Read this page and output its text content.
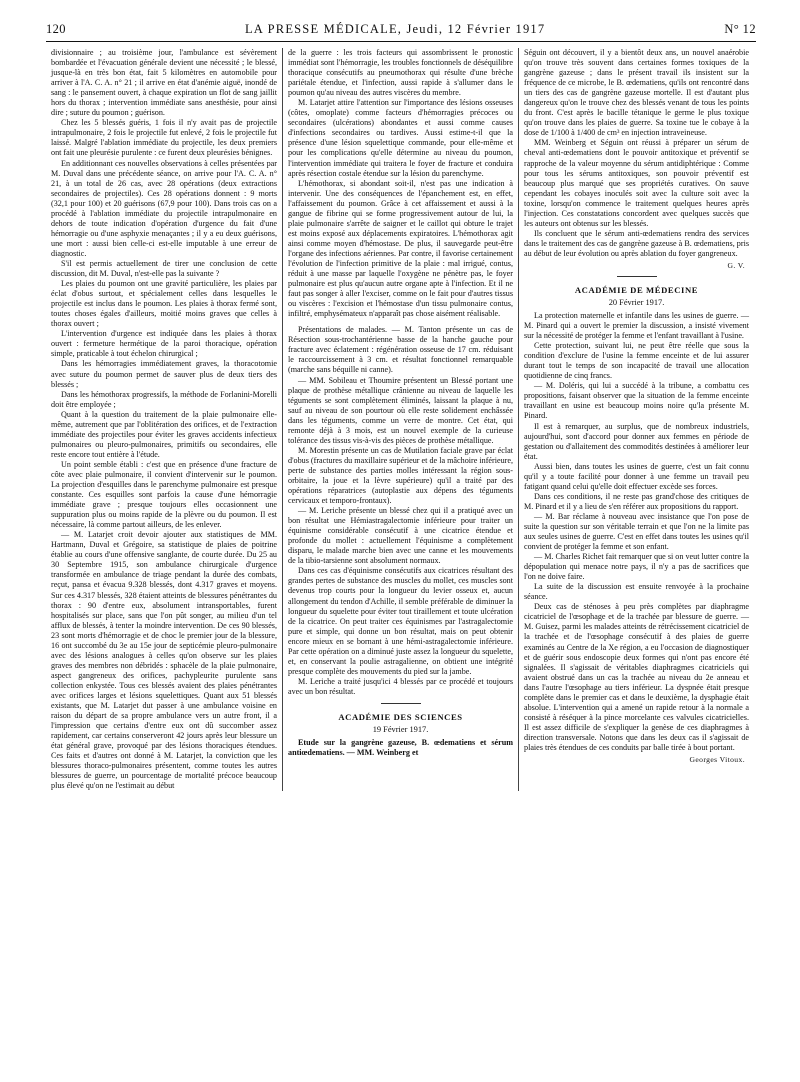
120	LA PRESSE MÉDICALE, Jeudi, 12 Février 1917	N° 12

divisionnaire ; au troisième jour, l'ambulance est sévèrement bombardée et l'évacuation générale devient une nécessité ; le blessé, jusque-là en très bon état, fait 5 kilomètres en automobile pour arriver à l'A. C. A. n° 21 ; il arrive en état d'anémie aiguë, inondé de sang : le pansement ouvert, à chaque expiration un flot de sang jaillit hors du thorax ; intervention immédiate sans anesthésie, pour ainsi dire ; suture du poumon ; guérison.

Chez les 5 blessés guéris, 1 fois il n'y avait pas de projectile intrapulmonaire, 2 fois le projectile fut enlevé, 2 fois le projectile fut laissé. Malgré l'ablation immédiate du projectile, les deux premiers ont fait une pleurésie purulente : ce furent deux pleurésies bénignes.

En additionnant ces nouvelles observations à celles présentées par M. Duval dans une précédente séance, on arrive pour l'A. C. A. n° 21, à un total de 26 cas, avec 28 opérations (deux extractions secondaires de projectiles). Ces 28 opérations donnent : 9 morts (32,1 pour 100) et 20 guérisons (67,9 pour 100). Dans trois cas on a procédé à l'ablation immédiate du projectile intrapulmonaire en dehors de toute indication d'opération d'urgence du fait d'une hémorragie ou d'une asphyxie menaçantes ; il y a eu deux guérisons, une mort : aussi bien celle-ci est-elle imputable à une erreur de diagnostic.

S'il est permis actuellement de tirer une conclusion de cette discussion, dit M. Duval, n'est-elle pas la suivante ?

Les plaies du poumon ont une gravité particulière, les plaies par éclat d'obus surtout, et spécialement celles dans lesquelles le projectile est inclus dans le poumon. Les plaies à thorax fermé sont, toutes choses égales d'ailleurs, moitié moins graves que celles à thorax ouvert ;

L'intervention d'urgence est indiquée dans les plaies à thorax ouvert : fermeture hermétique de la paroi thoracique, opération simple, praticable à tout échelon chirurgical ;

Dans les hémorragies immédiatement graves, la thoracotomie avec suture du poumon permet de sauver plus de deux tiers des blessés ;

Dans les hémothorax progressifs, la méthode de Forlanini-Morelli doit être employée ;

Quant à la question du traitement de la plaie pulmonaire elle-même, autrement que par l'oblitération des orifices, et de l'extraction immédiate des projectiles pour éviter les graves accidents infectieux pulmonaires ou pleuro-pulmonaires, primitifs ou secondaires, elle reste encore tout entière à l'étude.

Un point semble établi : c'est que en présence d'une fracture de côte avec plaie pulmonaire, il convient d'intervenir sur le poumon. La projection d'esquilles dans le parenchyme pulmonaire est presque constante. Ces esquilles sont parfois la cause d'une hémorragie immédiate grave ; presque toujours elles occasionnent une suppuration plus ou moins rapide de la plèvre ou du poumon. Il est nécessaire, là comme partout ailleurs, de les enlever.

— M. Latarjet croit devoir ajouter aux statistiques de MM. Hartmann, Duval et Grégoire, sa statistique de plaies de poitrine établie au cours d'une offensive sanglante, de courte durée. Du 25 au 30 Septembre 1915, son ambulance chirurgicale d'urgence transformée en ambulance de triage pendant la durée des combats, reçut, pansa et évacua 9.328 blessés, dont 4.317 graves et moyens. Sur ces 4.317 blessés, 328 étaient atteints de blessures pénétrantes du thorax : 90 d'entre eux, absolument intransportables, furent hospitalisés sur place, sans que l'on pût songer, au milieu d'un tel afflux de blessés, à tenter la moindre intervention. De ces 90 blessés, 23 sont morts d'hémorragie et de choc le premier jour de la blessure, 16 ont succombé du 3e au 15e jour de septicémie pleuro-pulmonaire avec des lésions analogues à celles qu'on observe sur les plaies graves des membres non débridés : sphacèle de la plaie pulmonaire, aspect gangreneux des orifices, pachypleurite purulente sans collection enkystée. Tous ces blessés avaient des plaies pénétrantes avec orifices larges et lésions squelettiques. Quant aux 51 blessés existants, que M. Latarjet dut passer à une ambulance voisine en raison du départ de sa propre ambulance vers un autre front, il a l'impression que certains d'entre eux ont dû succomber assez rapidement, car certains conserveront 42 jours après leur blessure un état général grave, provoqué par des lésions thoraciques étendues. Ces faits et d'autres ont donné à M. Latarjet, la conviction que les blessures thoraco-pulmonaires présentent, comme toutes les autres blessures de guerre, un pourcentage de mortalité précoce beaucoup plus élevé qu'on ne l'estimait au début

de la guerre : les trois facteurs qui assombrissent le pronostic immédiat sont l'hémorragie, les troubles fonctionnels de déséquilibre thoracique consécutifs au pneumothorax qui résulte d'une brèche pariétale étendue, et l'infection, aussi rapide à s'allumer dans le poumon qu'au niveau des autres viscères du membre.

M. Latarjet attire l'attention sur l'importance des lésions osseuses (côtes, omoplate) comme facteurs d'hémorragies précoces ou secondaires (ulcérations) abondantes et aussi comme causes d'infections secondaires ou tardives. Aussi estime-t-il que la présence d'une lésion squelettique commande, pour elle-même et pour les complications qu'elle détermine au niveau du poumon, l'intervention immédiate qui traitera le foyer de fracture et conduira après résection costale étendue sur la lésion du parenchyme.

L'hémothorax, si abondant soit-il, n'est pas une indication à intervenir. Une des conséquences de l'épanchement est, en effet, l'affaissement du poumon. Grâce à cet affaissement et aussi à la gangue de fibrine qui se forme progressivement autour de lui, la plaie pulmonaire s'arrête de saigner et le caillot qui obture le trajet est moins exposé aux déplacements expiratoires. L'hémothorax agit ainsi comme moyen d'hémostase. De plus, il sauvegarde peut-être l'organe des infections aériennes. Par contre, il favorise certainement l'évolution de l'infection primitive de la plaie : mal irrigué, contus, réduit à une masse par laquelle l'oxygène ne pénètre pas, le foyer pulmonaire est plus qu'aucun autre organe apte à l'infection. Et il ne faut pas songer à aller l'exciser, comme on le fait pour d'autres tissus ou viscères : l'excision et l'hémostase d'un tissu pulmonaire contus, infiltré, emphysémateux n'apparaît pas chose aisément réalisable.

Présentations de malades. — M. Tanton présente un cas de Résection sous-trochantérienne basse de la hanche gauche pour fracture avec éclatement : régénération osseuse de 17 cm. réduisant le raccourcissement à 3 cm. et résultat fonctionnel remarquable (marche sans béquille ni canne).

— MM. Sobileau et Thoumire présentent un Blessé portant une plaque de prothèse métallique crânienne au niveau de laquelle les téguments se sont complètement éliminés, laissant la plaque à nu, sauf au niveau de son pourtour où elle reste solidement enchâssée dans les téguments, comme un verre de montre. Cet état, qui remonte déjà à 3 mois, est un nouvel exemple de la curieuse tolérance des tissus vis-à-vis des pièces de prothèse métallique.

M. Morestin présente un cas de Mutilation faciale grave par éclat d'obus (fractures du maxillaire supérieur et de la mâchoire inférieure, perte de substance des parties molles intéressant la région sous-orbitaire, la joue et la lèvre supérieure) qu'il a traité par des opérations réparatrices (autoplastie aux dépens des téguments cervicaux et temporo-frontaux).

— M. Leriche présente un blessé chez qui il a pratiqué avec un bon résultat une Hémiastragalectomie inférieure pour traiter un équinisme considérable consécutif à une cicatrice étendue et profonde du mollet : actuellement l'équinisme a complètement disparu, le malade marche bien avec une canne et les mouvements de la tibio-tarsienne sont absolument normaux.

Dans ces cas d'équinisme consécutifs aux cicatrices résultant des grandes pertes de substance des muscles du mollet, ces muscles sont devenus trop courts pour la longueur du levier osseux et, aucun allongement du tendon d'Achille, il semble préférable de diminuer la longueur du squelette pour éviter tout tiraillement et toute ulcération de la cicatrice. On peut traiter ces équinismes par l'astragalectomie pure et simple, qui donne un bon résultat, mais on peut obtenir encore mieux en se bornant à une hémi-astragalectomie inférieure. Par cette opération on a diminué juste assez la longueur du squelette, et, en conservant la poulie astragalienne, on obtient une intégrité presque complète des mouvements du pied sur la jambe.

M. Leriche a traité jusqu'ici 4 blessés par ce procédé et toujours avec un bon résultat.

ACADÉMIE DES SCIENCES
19 Février 1917.

Etude sur la gangrène gazeuse, B. œdematiens et sérum antiœdematiens. — MM. Weinberg et

Séguin ont découvert, il y a bientôt deux ans, un nouvel anaérobie qu'on trouve très souvent dans certaines formes toxiques de la gangrène gazeuse ; dans le présent travail ils insistent sur la fréquence de ce microbe, le B. œdematiens, qu'ils ont rencontré dans un tiers des cas de gangrène gazeuse mortelle. Il est d'autant plus dangereux qu'on le trouve chez des blessés venant de tous les points du front. C'est après le bacille tétanique le germe le plus toxique qu'on trouve dans les plaies de guerre. Sa toxine tue le cobaye à la dose de 1/100 à 1/400 de cm³ en injection intraveineuse.

MM. Weinberg et Séguin ont réussi à préparer un sérum de cheval anti-œdematiens dont le pouvoir antitoxique et préventif se rapproche de la valeur moyenne du sérum antidiphtérique : Comme pour tous les sérums antitoxiques, son pouvoir préventif est beaucoup plus marqué que ses propriétés curatives. On sauve cependant les cobayes inoculés soit avec la culture soit avec la toxine, lorsqu'on commence le traitement quelques heures après l'injection. Ces constatations concordent avec quelques succès que les auteurs ont obtenus sur les blessés.

Ils concluent que le sérum anti-œdematiens rendra des services dans le traitement des cas de gangrène gazeuse à B. œdematiens, pris au début de leur évolution ou après ablation du foyer gangreneux.

G. V.
ACADÉMIE DE MÉDECINE
20 Février 1917.

La protection maternelle et infantile dans les usines de guerre. — M. Pinard qui a ouvert le premier la discussion, a insisté vivement sur la nécessité de protéger la femme et l'enfant travaillant à l'usine.

Cette protection, suivant lui, ne peut être réelle que sous la condition d'exclure de l'usine la femme enceinte et de lui assurer durant tout le temps de son incapacité de travail une allocation quotidienne de cinq francs.

— M. Doléris, qui lui a succédé à la tribune, a combattu ces propositions, faisant observer que la situation de la femme enceinte travaillant en usine est beaucoup moins noire qu'la présente M. Pinard.

Il est à remarquer, au surplus, que de nombreux industriels, aujourd'hui, sont d'accord pour donner aux femmes en période de gestation ou d'allaitement des commodités destinées à améliorer leur état.

Aussi bien, dans toutes les usines de guerre, c'est un fait connu qu'il y a toute facilité pour donner à une femme un travail peu fatigant quand celui qu'elle doit effectuer excède ses forces.

Dans ces conditions, il ne reste pas grand'chose des critiques de M. Pinard et il y a lieu de s'en référer aux propositions du rapport.

— M. Bar réclame à nouveau avec insistance que l'on pose de suite la question sur son véritable terrain et que l'on ne la limite pas aux seules usines de guerre. C'est en effet dans toutes les usines qu'il convient de protéger la femme et son enfant.

— M. Charles Richet fait remarquer que si on veut lutter contre la dépopulation qui menace notre pays, il n'y a pas de sacrifices que l'on ne doive faire.

La suite de la discussion est ensuite renvoyée à la prochaine séance.

Deux cas de sténoses à peu près complètes par diaphragme cicatriciel de l'œsophage et de la trachée par blessure de guerre. — M. Guisez, parmi les malades atteints de rétrécissement cicatriciel de la trachée et de l'œsophage consécutif à des plaies de guerre examinés au Centre de la Xe région, a eu l'occasion de diagnostiquer et de guérir sous endoscopie deux formes qui n'ont pas encore été signalées. Il s'agissait de véritables diaphragmes cicatriciels qui avaient obstrué dans un cas la trachée au niveau du 2e anneau et dans l'autre l'œsophage au tiers inférieur. La dyspnée était presque complète dans le premier cas et dans le deuxième, la dysphagie était absolue. L'intervention qui a amené un rapide retour à la normale a consisté à réséquer à la pince morcelante ces valvules cicatricielles. Il est assez difficile de s'expliquer la genèse de ces diaphragmes à direction transversale. Notons que dans les deux cas il s'agissait de plaies très étendues de ces conduits par balle tirée à bout portant.

Georges Vitoux.
